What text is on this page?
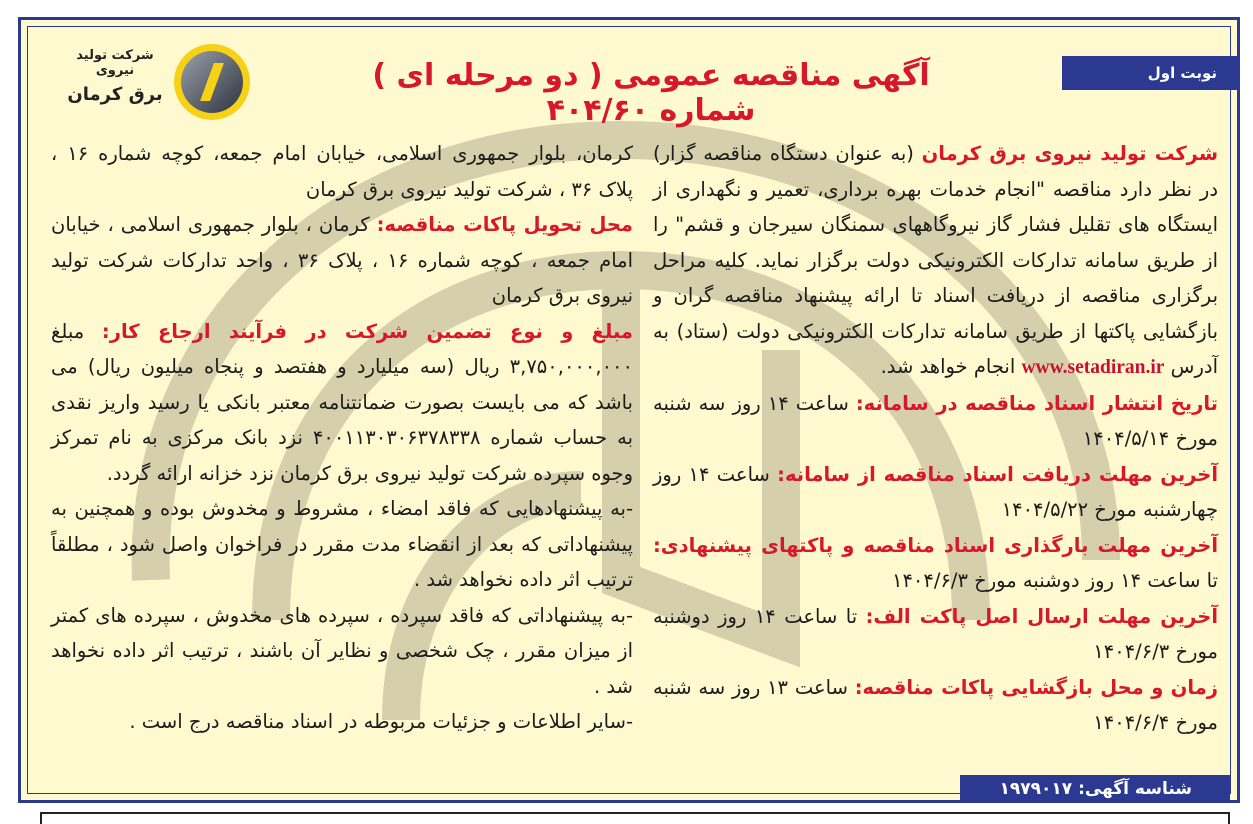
نوبت اول
آگهی مناقصه عمومی ( دو مرحله ای ) شماره ۴۰۴/۶۰
شرکت تولید نیروی
برق کرمان

شرکت تولید نیروی برق کرمان (به عنوان دستگاه مناقصه گزار) در نظر دارد مناقصه "انجام خدمات بهره برداری، تعمیر و نگهداری از ایستگاه های تقلیل فشار گاز نیروگاههای سمنگان سیرجان و قشم" را از طریق سامانه تدارکات الکترونیکی دولت برگزار نماید. کلیه مراحل برگزاری مناقصه از دریافت اسناد تا ارائه پیشنهاد مناقصه گران و بازگشایی پاکتها از طریق سامانه تدارکات الکترونیکی دولت (ستاد) به آدرس www.setadiran.ir انجام خواهد شد.

تاریخ انتشار اسناد مناقصه در سامانه: ساعت ۱۴ روز سه شنبه مورخ ۱۴۰۴/۵/۱۴

آخرین مهلت دریافت اسناد مناقصه از سامانه: ساعت ۱۴ روز چهارشنبه مورخ ۱۴۰۴/۵/۲۲

آخرین مهلت بارگذاری اسناد مناقصه و پاکتهای پیشنهادی: تا ساعت ۱۴ روز دوشنبه مورخ ۱۴۰۴/۶/۳

آخرین مهلت ارسال اصل پاکت الف: تا ساعت ۱۴ روز دوشنبه مورخ ۱۴۰۴/۶/۳

زمان و محل بازگشایی پاکات مناقصه: ساعت ۱۳ روز سه شنبه مورخ ۱۴۰۴/۶/۴

کرمان، بلوار جمهوری اسلامی، خیابان امام جمعه، کوچه شماره ۱۶ ، پلاک ۳۶ ، شرکت تولید نیروی برق کرمان

محل تحویل پاکات مناقصه: کرمان ، بلوار جمهوری اسلامی ، خیابان امام جمعه ، کوچه شماره ۱۶ ، پلاک ۳۶ ، واحد تدارکات شرکت تولید نیروی برق کرمان

مبلغ و نوع تضمین شرکت در فرآیند ارجاع کار: مبلغ ۳,۷۵۰,۰۰۰,۰۰۰ ریال (سه میلیارد و هفتصد و پنجاه میلیون ریال) می باشد که می بایست بصورت ضمانتنامه معتبر بانکی یا رسید واریز نقدی به حساب شماره ۴۰۰۱۱۳۰۳۰۶۳۷۸۳۳۸ نزد بانک مرکزی به نام تمرکز وجوه سپرده شرکت تولید نیروی برق کرمان نزد خزانه ارائه گردد.

-به پیشنهادهایی که فاقد امضاء ، مشروط و مخدوش بوده و همچنین به پیشنهاداتی که بعد از انقضاء مدت مقرر در فراخوان واصل شود ، مطلقاً ترتیب اثر داده نخواهد شد .

-به پیشنهاداتی که فاقد سپرده ، سپرده های مخدوش ، سپرده های کمتر از میزان مقرر ، چک شخصی و نظایر آن باشند ، ترتیب اثر داده نخواهد شد .

-سایر اطلاعات و جزئیات مربوطه در اسناد مناقصه درج است .

شناسه آگهی: ۱۹۷۹۰۱۷
